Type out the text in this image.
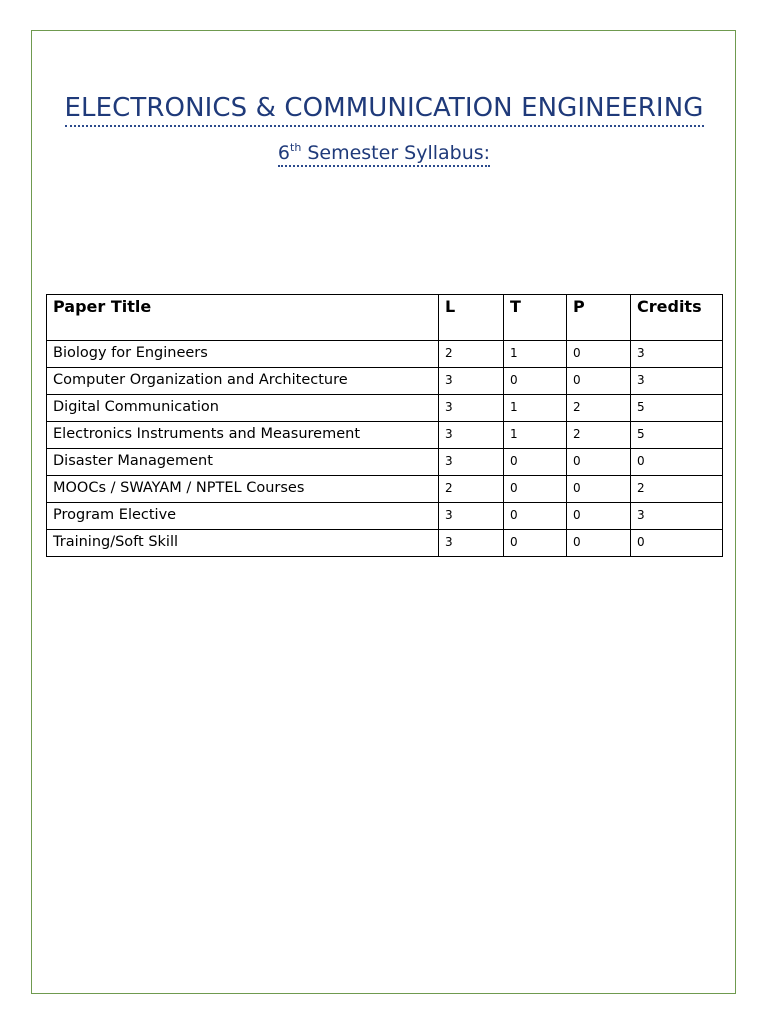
ELECTRONICS & COMMUNICATION ENGINEERING
6th Semester Syllabus:
Paper Title	L	T	P	Credits
Biology for Engineers	2	1	0	3
Computer Organization and Architecture	3	0	0	3
Digital Communication	3	1	2	5
Electronics Instruments and Measurement	3	1	2	5
Disaster Management	3	0	0	0
MOOCs / SWAYAM / NPTEL Courses	2	0	0	2
Program Elective	3	0	0	3
Training/Soft Skill	3	0	0	0
